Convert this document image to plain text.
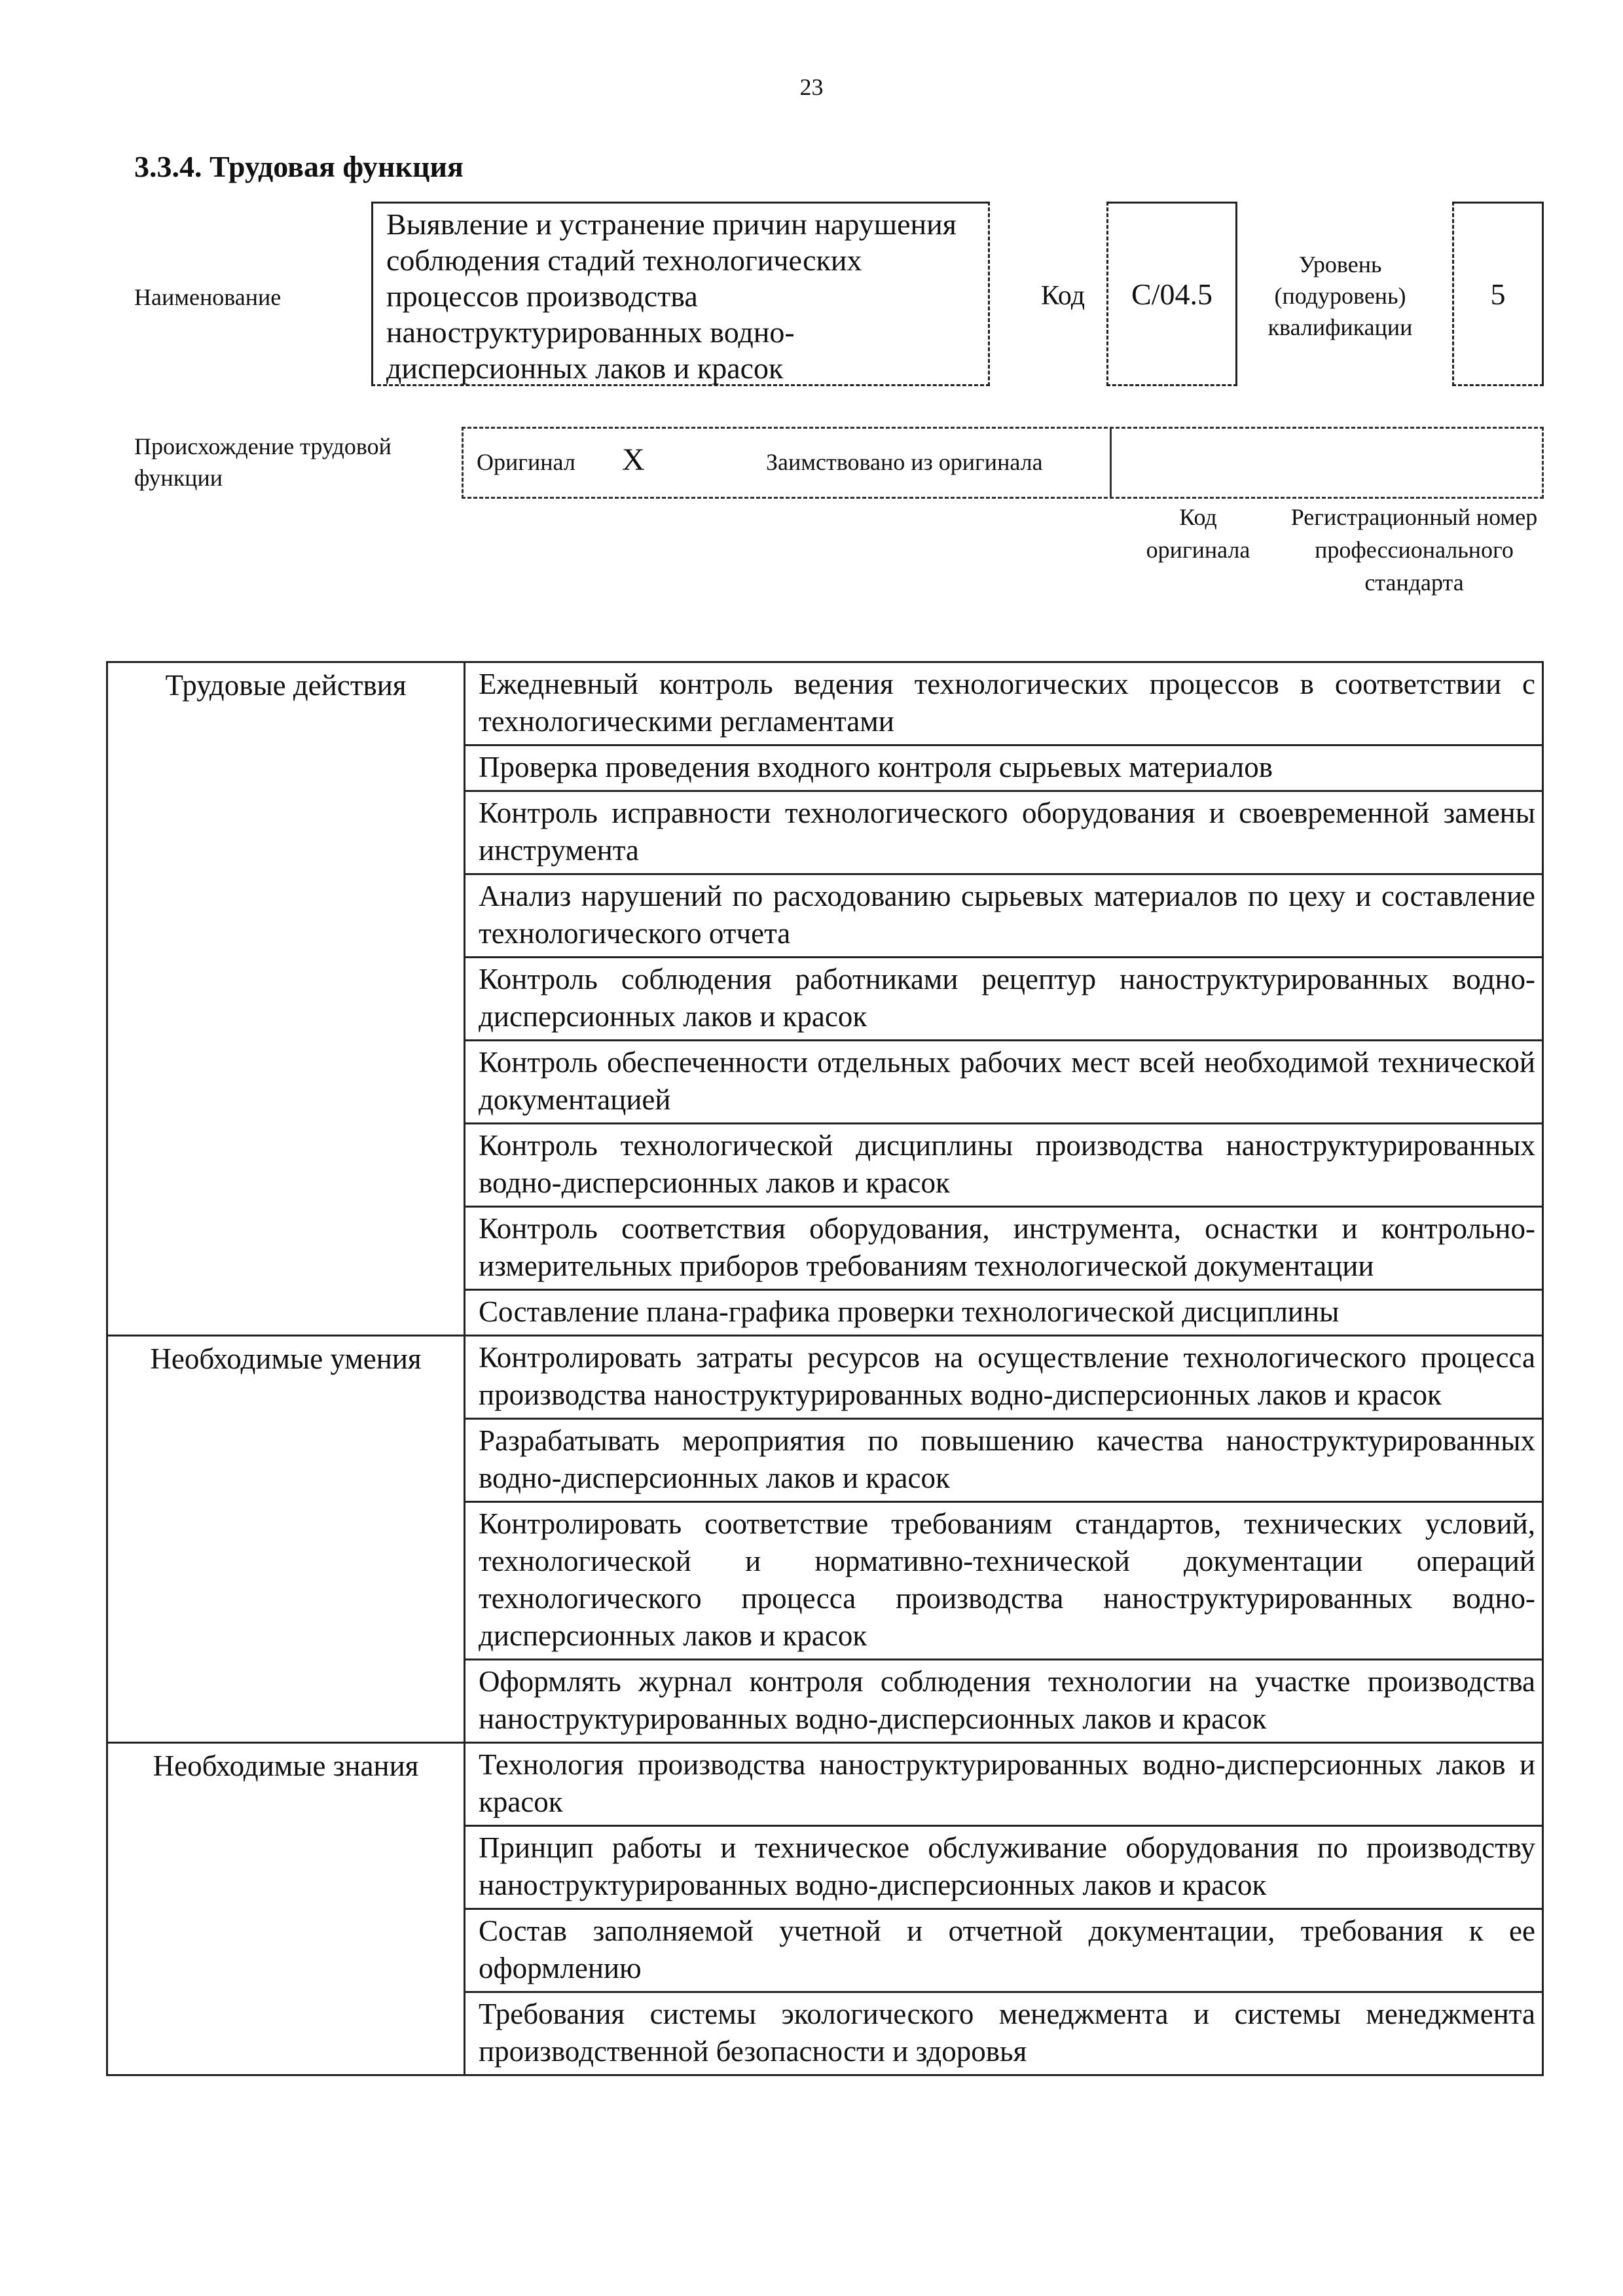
23
3.3.4. Трудовая функция
Наименование
Выявление и устранение причин нарушения соблюдения стадий технологических процессов производства наноструктурированных водно-дисперсионных лаков и красок
Код С/04.5
Уровень (подуровень) квалификации
5
Происхождение трудовой функции
Оригинал X	Заимствовано из оригинала
Код оригинала
Регистрационный номер профессионального стандарта
Трудовые действия	Ежедневный контроль ведения технологических процессов в соответствии с технологическими регламентами
	Проверка проведения входного контроля сырьевых материалов
	Контроль исправности технологического оборудования и своевременной замены инструмента
	Анализ нарушений по расходованию сырьевых материалов по цеху и составление технологического отчета
	Контроль соблюдения работниками рецептур наноструктурированных водно-дисперсионных лаков и красок
	Контроль обеспеченности отдельных рабочих мест всей необходимой технической документацией
	Контроль технологической дисциплины производства наноструктурированных водно-дисперсионных лаков и красок
	Контроль соответствия оборудования, инструмента, оснастки и контрольно-измерительных приборов требованиям технологической документации
	Составление плана-графика проверки технологической дисциплины
Необходимые умения	Контролировать затраты ресурсов на осуществление технологического процесса производства наноструктурированных водно-дисперсионных лаков и красок
	Разрабатывать мероприятия по повышению качества наноструктурированных водно-дисперсионных лаков и красок
	Контролировать соответствие требованиям стандартов, технических условий, технологической и нормативно-технической документации операций технологического процесса производства наноструктурированных водно-дисперсионных лаков и красок
	Оформлять журнал контроля соблюдения технологии на участке производства наноструктурированных водно-дисперсионных лаков и красок
Необходимые знания	Технология производства наноструктурированных водно-дисперсионных лаков и красок
	Принцип работы и техническое обслуживание оборудования по производству наноструктурированных водно-дисперсионных лаков и красок
	Состав заполняемой учетной и отчетной документации, требования к ее оформлению
	Требования системы экологического менеджмента и системы менеджмента производственной безопасности и здоровья
